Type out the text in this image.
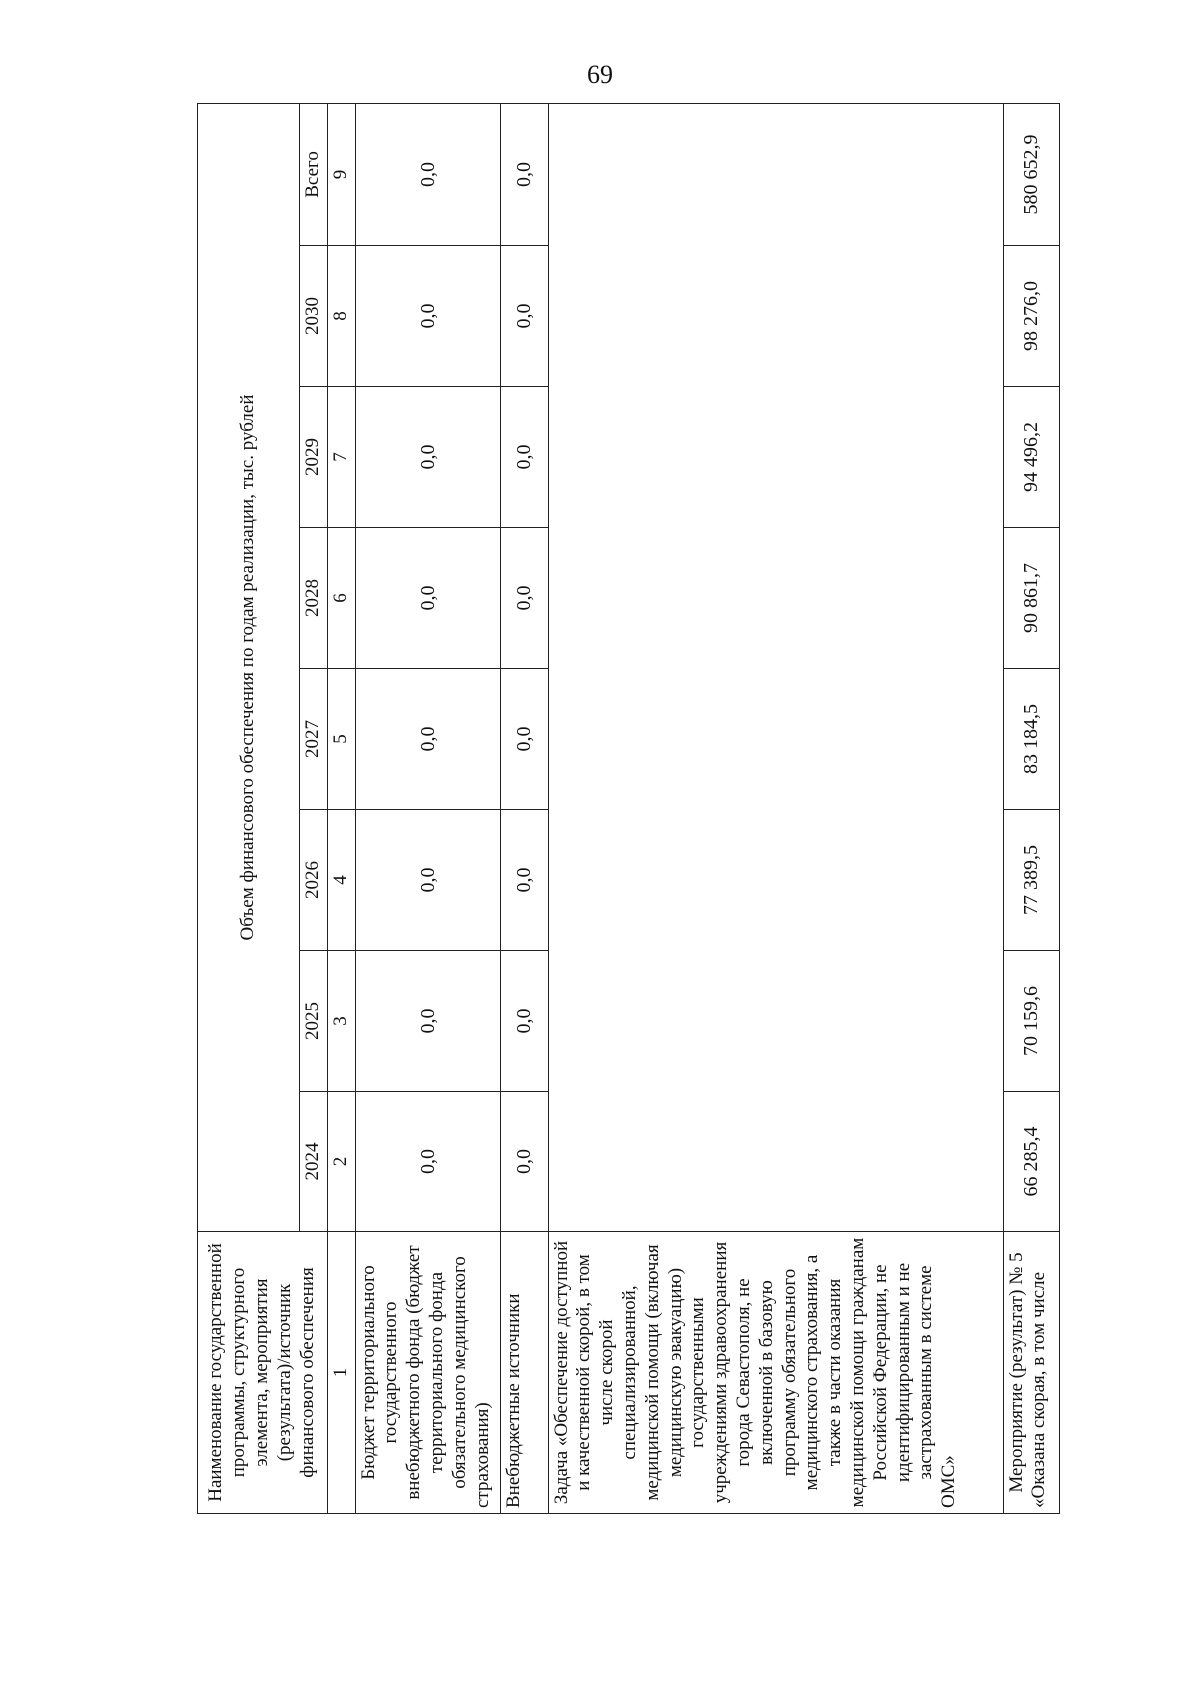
69
Наименование государственной программы, структурного элемента, мероприятия (результата)/источник финансового обеспечения	Объем финансового обеспечения по годам реализации, тыс. рублей							
	2024	2025	2026	2027	2028	2029	2030	Всего
1	2	3	4	5	6	7	8	9
Бюджет территориального государственного внебюджетного фонда (бюджет территориального фонда обязательного медицинского страхования)	0,0	0,0	0,0	0,0	0,0	0,0	0,0	0,0
Внебюджетные источники	0,0	0,0	0,0	0,0	0,0	0,0	0,0	0,0
Задача «Обеспечение доступной и качественной скорой, в том числе скорой специализированной, медицинской помощи (включая медицинскую эвакуацию) государственными учреждениями здравоохранения города Севастополя, не включенной в базовую программу обязательного медицинского страхования, а также в части оказания медицинской помощи гражданам Российской Федерации, не идентифицированным и не застрахованным в системе ОМС»								
Мероприятие (результат) № 5 «Оказана скорая, в том числе	66 285,4	70 159,6	77 389,5	83 184,5	90 861,7	94 496,2	98 276,0	580 652,9
